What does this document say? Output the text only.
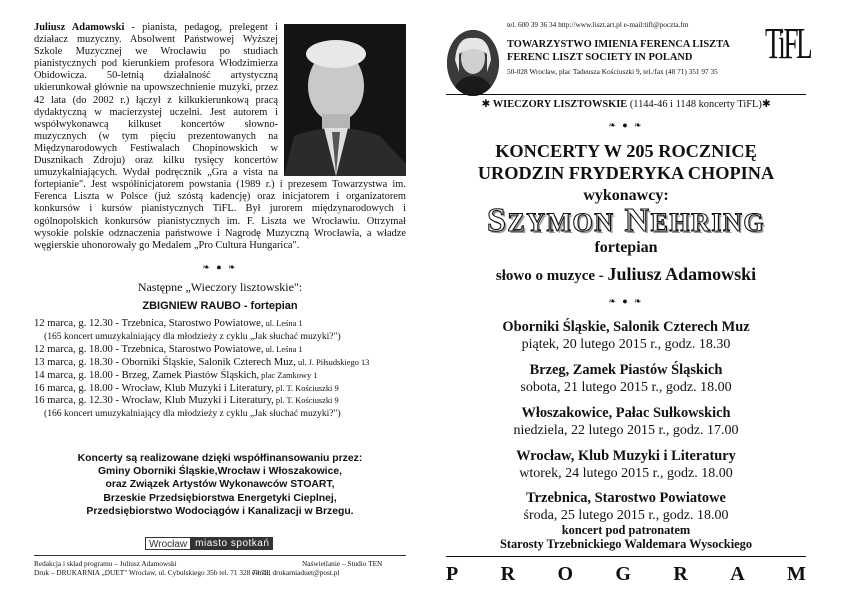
Juliusz Adamowski - pianista, pedagog, prelegent i działacz muzyczny. Absolwent Państwowej Wyższej Szkole Muzycznej we Wrocławiu po studiach pianistycznych pod kierunkiem profesora Włodzimierza Obidowicza. 50-letnią działalność artystyczną ukierunkował głównie na upowszechnienie muzyki, przez 42 lata (do 2002 r.) łączył z kilkukierunkową pracą dydaktyczną w macierzystej uczelni. Jest autorem i współwykonawcą kilkuset koncertów słowno-muzycznych (w tym pięciu prezentowanych na Międzynarodowych Festiwalach Chopinowskich w Dusznikach Zdroju) oraz kilku tysięcy koncertów umuzykalniających. Wydał podręcznik „Gra a vista na fortepianie". Jest współinicjatorem powstania (1989 r.) i prezesem Towarzystwa im. Ferenca Liszta w Polsce (już szóstą kadencję) oraz inicjatorem i organizatorem konkursów i kursów pianistycznych TiFL. Był jurorem międzynarodowych i ogólnopolskich konkursów pianistycznych im. F. Liszta we Wrocławiu. Otrzymał wysokie polskie odznaczenia państwowe i Nagrodę Muzyczną Wrocławia, a władze węgierskie uhonorowały go Medalem „Pro Cultura Hungarica".
❧ ● ❧
Następne „Wieczory lisztowskie":
ZBIGNIEW RAUBO - fortepian
12 marca, g. 12.30 - Trzebnica, Starostwo Powiatowe, ul. Leśna 1
(165 koncert umuzykalniający dla młodzieży z cyklu „Jak słuchać muzyki?")
12 marca, g. 18.00 - Trzebnica, Starostwo Powiatowe, ul. Leśna 1
13 marca, g. 18.30 - Oborniki Śląskie, Salonik Czterech Muz, ul. J. Piłsudskiego 13
14 marca, g. 18.00 - Brzeg, Zamek Piastów Śląskich, plac Zamkowy 1
16 marca, g. 18.00 - Wrocław, Klub Muzyki i Literatury, pl. T. Kościuszki 9
16 marca, g. 12.30 - Wrocław, Klub Muzyki i Literatury, pl. T. Kościuszki 9
(166 koncert umuzykalniający dla młodzieży z cyklu „Jak słuchać muzyki?")
Koncerty są realizowane dzięki współfinansowaniu przez:
Gminy Oborniki Śląskie,Wrocław i Włoszakowice,
oraz Związek Artystów Wykonawców STOART,
Brzeskie Przedsiębiorstwa Energetyki Cieplnej,
Przedsiębiorstwo Wodociągów i Kanalizacji w Brzegu.
Wrocław miasto spotkań
Redakcja i skład programu – Juliusz Adamowski	Naświetlanie – Studio TEN
Druk – DRUKARNIA „DUET" Wrocław, ul. Cybulskiego 35b tel. 71 328 78 79,
e-mail drukarniaduet@post.pl
tel. 600 39 36 34 http://www.liszt.art.pl e-mail:tifl@poczta.fm
TOWARZYSTWO IMIENIA FERENCA LISZTA
FERENC LISZT SOCIETY IN POLAND
50-028 Wrocław, plac Tadeusza Kościuszki 9, tel./fax (48 71) 351 97 35
TiFL
✱ WIECZORY LISZTOWSKIE (1144-46 i 1148 koncerty TiFL)✱
❧ ● ❧
KONCERTY W 205 ROCZNICĘ
URODZIN FRYDERYKA CHOPINA
wykonawcy:
SZYMON NEHRING
fortepian
słowo o muzyce - Juliusz Adamowski
❧ ● ❧
Oborniki Śląskie, Salonik Czterech Muz
piątek, 20 lutego 2015 r., godz. 18.30
Brzeg, Zamek Piastów Śląskich
sobota, 21 lutego 2015 r., godz. 18.00
Włoszakowice, Pałac Sułkowskich
niedziela, 22 lutego 2015 r., godz. 17.00
Wrocław, Klub Muzyki i Literatury
wtorek, 24 lutego 2015 r., godz. 18.00
Trzebnica, Starostwo Powiatowe
środa, 25 lutego 2015 r., godz. 18.00
koncert pod patronatem
Starosty Trzebnickiego Waldemara Wysockiego
P R O G R A M
